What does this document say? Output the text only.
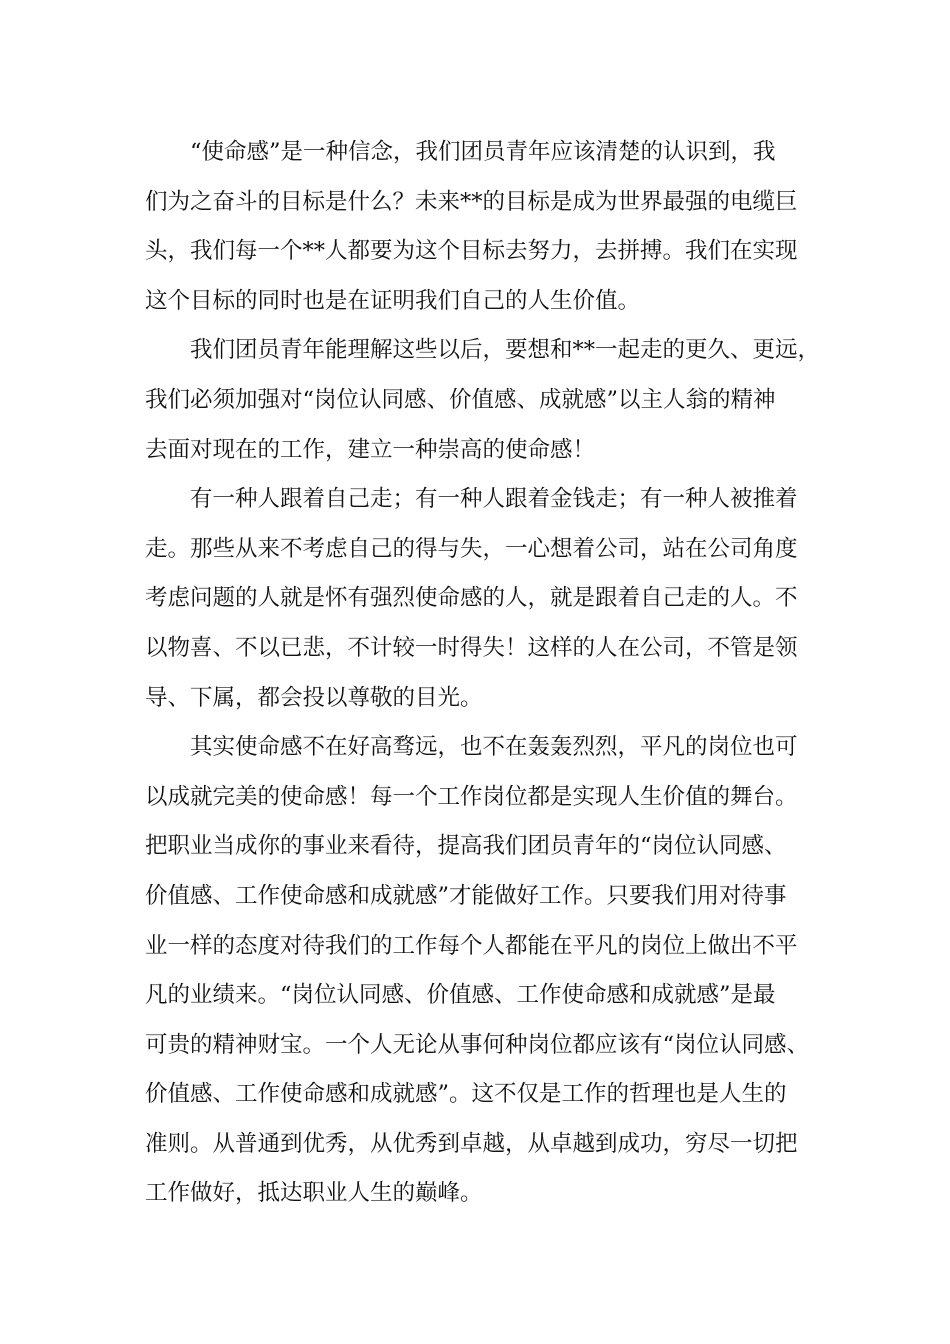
“使命感”是一种信念，我们团员青年应该清楚的认识到，我
们为之奋斗的目标是什么？未来**的目标是成为世界最强的电缆巨
头，我们每一个**人都要为这个目标去努力，去拼搏。我们在实现
这个目标的同时也是在证明我们自己的人生价值。
我们团员青年能理解这些以后，要想和**一起走的更久、更远，
我们必须加强对“岗位认同感、价值感、成就感”以主人翁的精神
去面对现在的工作，建立一种崇高的使命感！
有一种人跟着自己走；有一种人跟着金钱走；有一种人被推着
走。那些从来不考虑自己的得与失，一心想着公司，站在公司角度
考虑问题的人就是怀有强烈使命感的人，就是跟着自己走的人。不
以物喜、不以已悲，不计较一时得失！这样的人在公司，不管是领
导、下属，都会投以尊敬的目光。
其实使命感不在好高骛远，也不在轰轰烈烈，平凡的岗位也可
以成就完美的使命感！每一个工作岗位都是实现人生价值的舞台。
把职业当成你的事业来看待，提高我们团员青年的“岗位认同感、
价值感、工作使命感和成就感”才能做好工作。只要我们用对待事
业一样的态度对待我们的工作每个人都能在平凡的岗位上做出不平
凡的业绩来。“岗位认同感、价值感、工作使命感和成就感”是最
可贵的精神财宝。一个人无论从事何种岗位都应该有“岗位认同感、
价值感、工作使命感和成就感”。这不仅是工作的哲理也是人生的
准则。从普通到优秀，从优秀到卓越，从卓越到成功，穷尽一切把
工作做好，抵达职业人生的巅峰。
